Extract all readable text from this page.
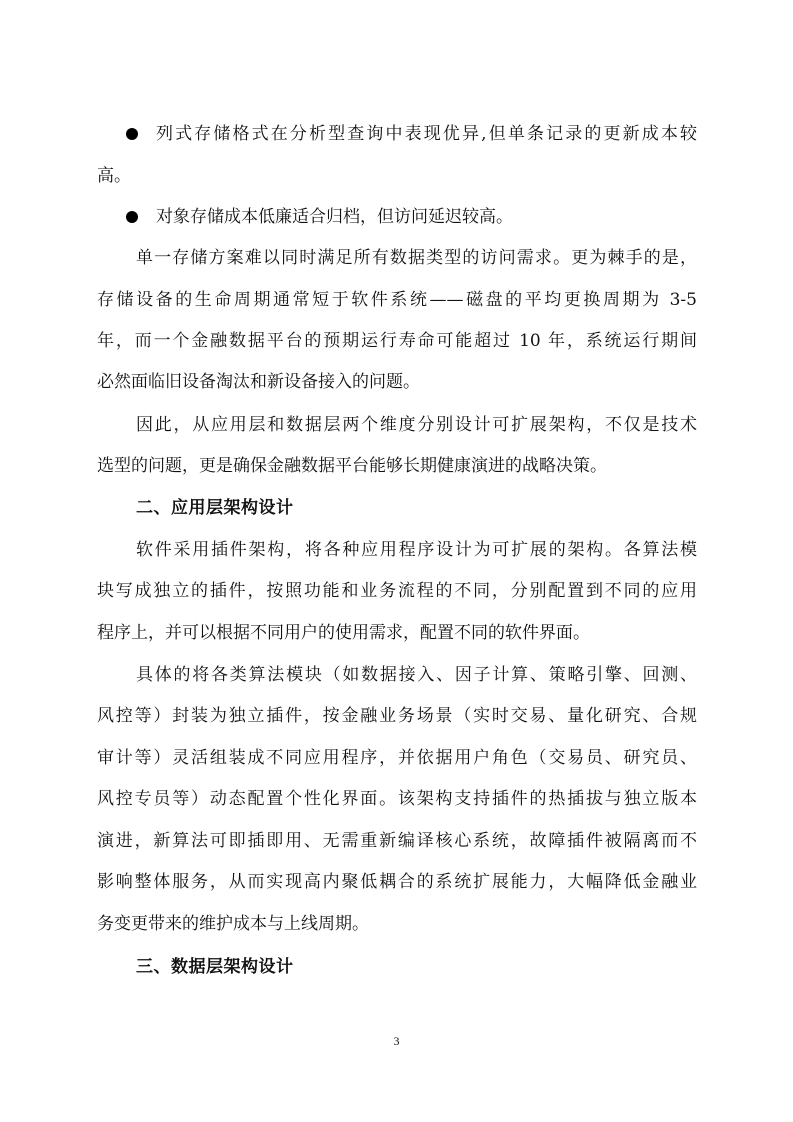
列式存储格式在分析型查询中表现优异,但单条记录的更新成本较
高。
对象存储成本低廉适合归档，但访问延迟较高。
单一存储方案难以同时满足所有数据类型的访问需求。更为棘手的是，
存储设备的生命周期通常短于软件系统——磁盘的平均更换周期为 3-5
年，而一个金融数据平台的预期运行寿命可能超过 10 年，系统运行期间
必然面临旧设备淘汰和新设备接入的问题。
因此，从应用层和数据层两个维度分别设计可扩展架构，不仅是技术
选型的问题，更是确保金融数据平台能够长期健康演进的战略决策。
二、应用层架构设计
软件采用插件架构，将各种应用程序设计为可扩展的架构。各算法模
块写成独立的插件，按照功能和业务流程的不同，分别配置到不同的应用
程序上，并可以根据不同用户的使用需求，配置不同的软件界面。
具体的将各类算法模块（如数据接入、因子计算、策略引擎、回测、
风控等）封装为独立插件，按金融业务场景（实时交易、量化研究、合规
审计等）灵活组装成不同应用程序，并依据用户角色（交易员、研究员、
风控专员等）动态配置个性化界面。该架构支持插件的热插拔与独立版本
演进，新算法可即插即用、无需重新编译核心系统，故障插件被隔离而不
影响整体服务，从而实现高内聚低耦合的系统扩展能力，大幅降低金融业
务变更带来的维护成本与上线周期。
三、数据层架构设计
3
